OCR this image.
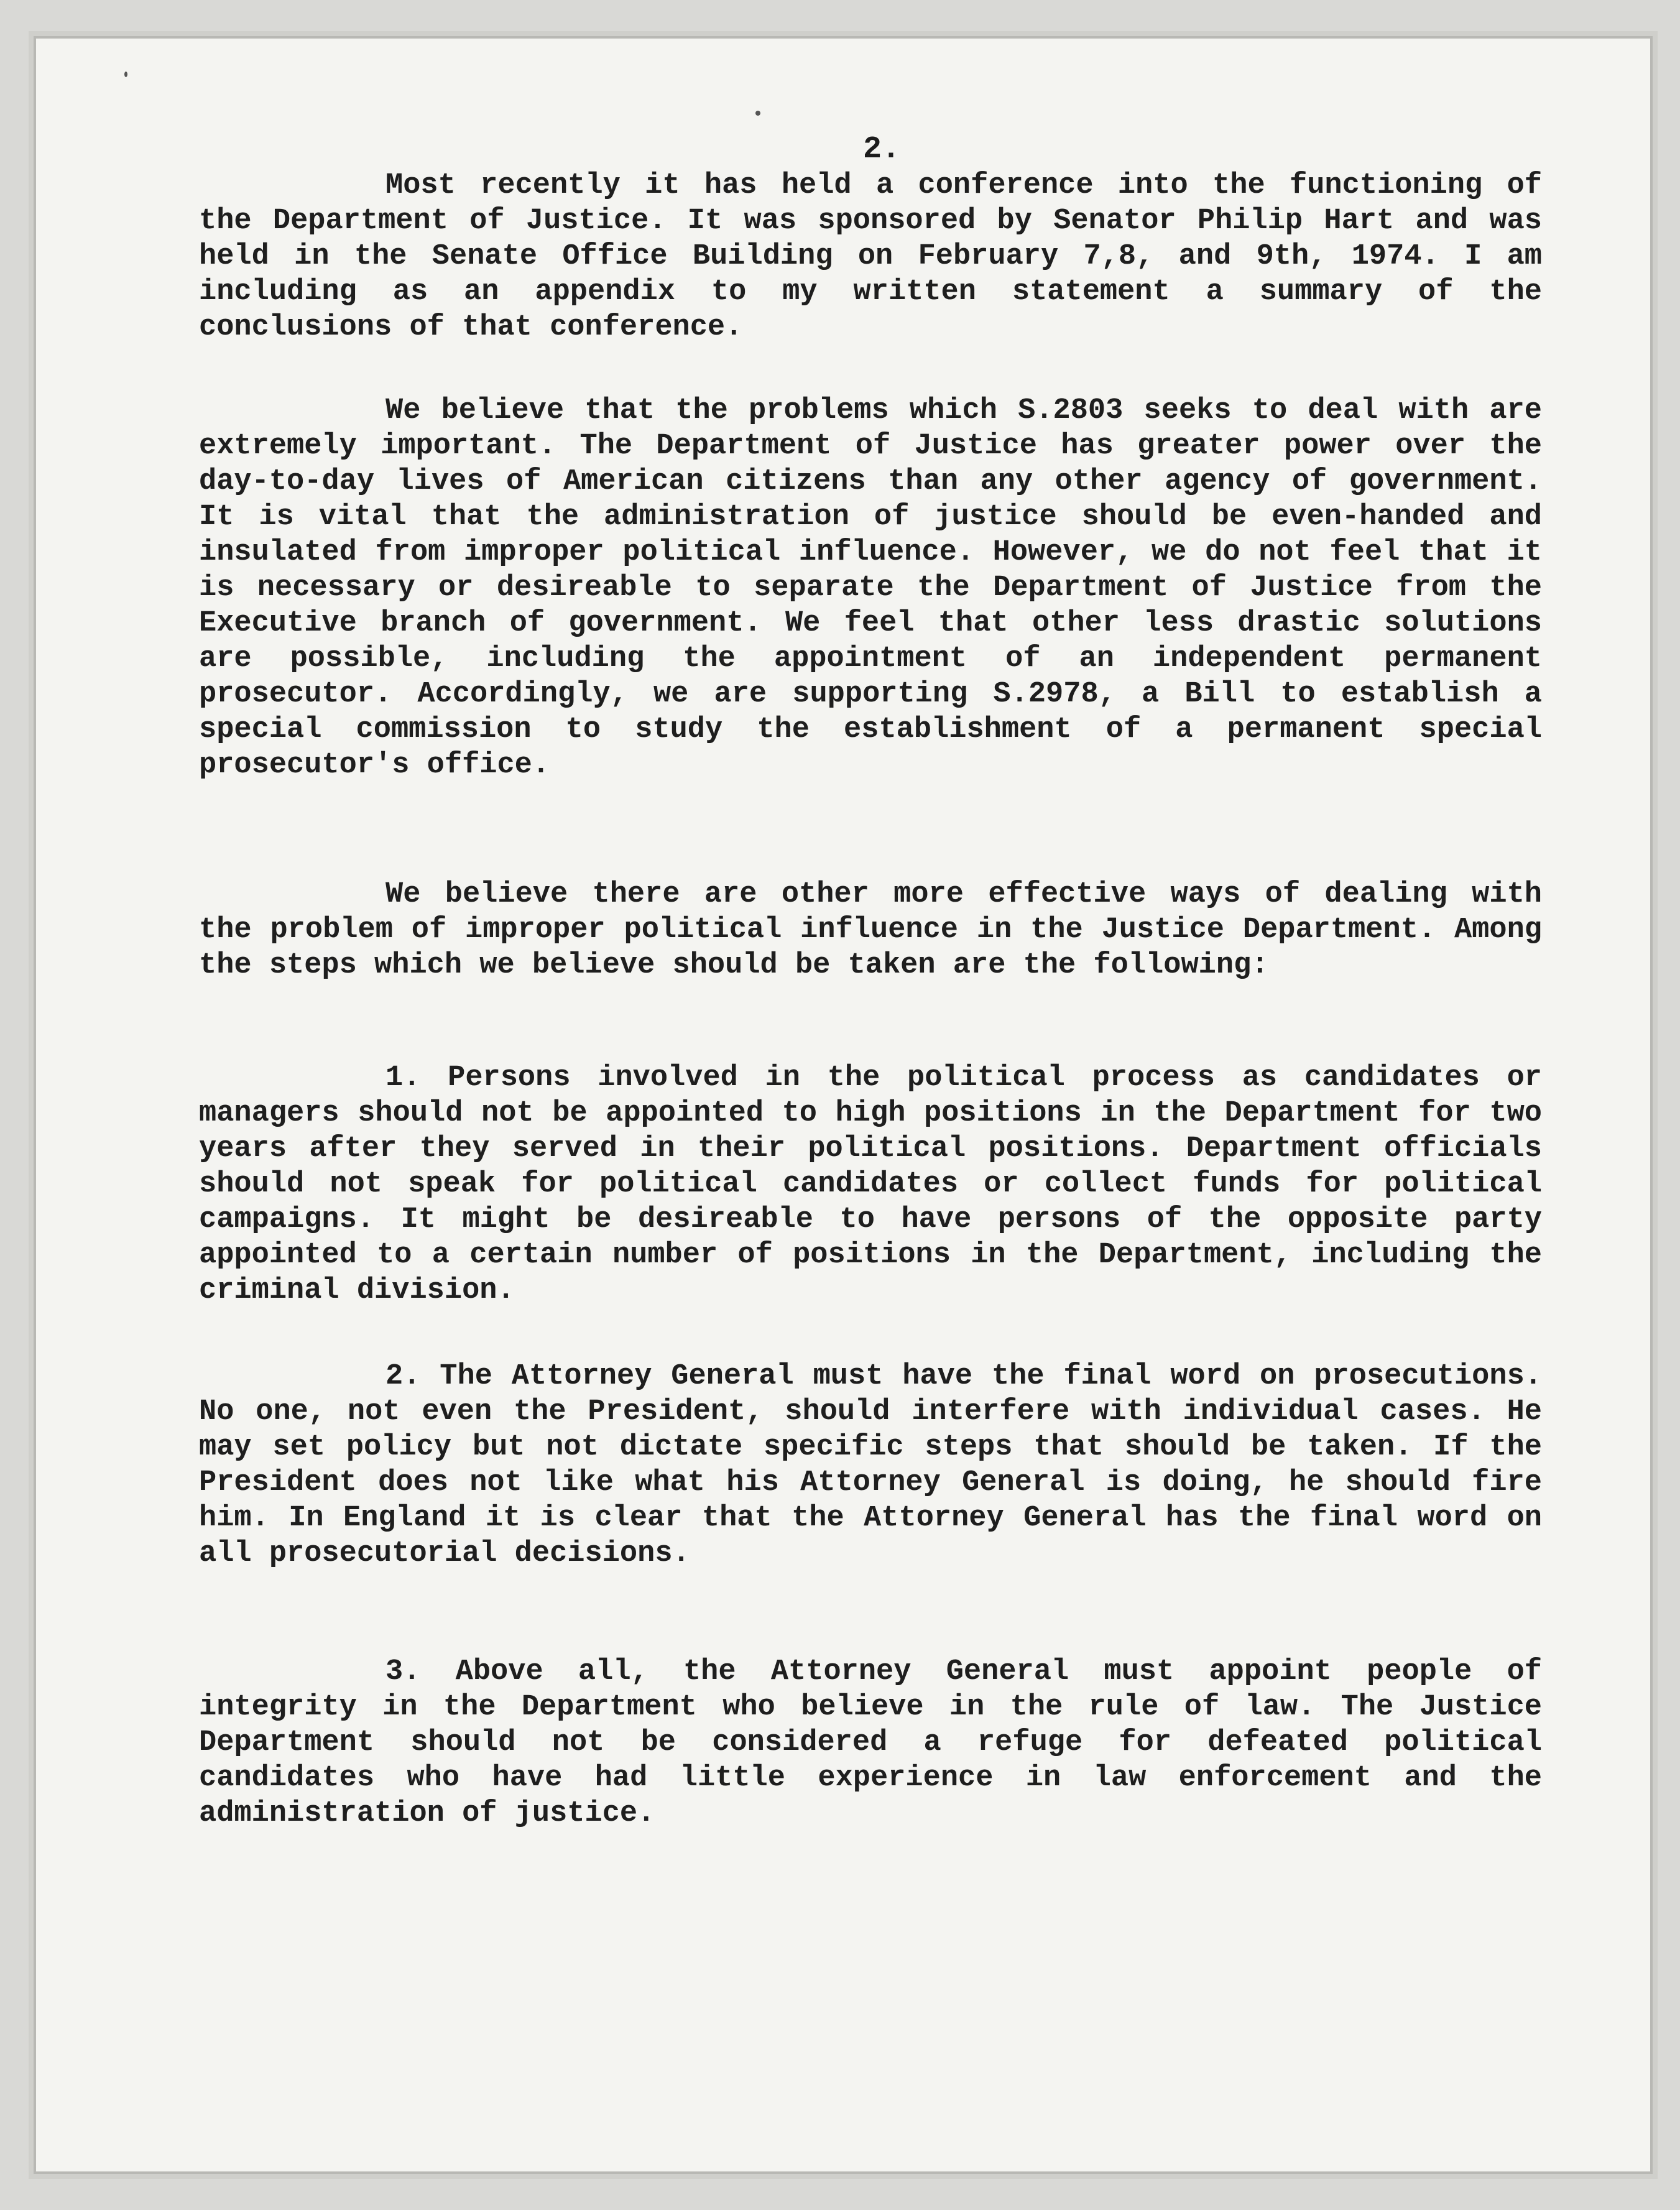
2.

Most recently it has held a conference into the functioning of the Department of Justice. It was sponsored by Senator Philip Hart and was held in the Senate Office Building on February 7,8, and 9th, 1974. I am including as an appendix to my written statement a summary of the conclusions of that conference.

We believe that the problems which S.2803 seeks to deal with are extremely important. The Department of Justice has greater power over the day-to-day lives of American citizens than any other agency of government. It is vital that the administration of justice should be even-handed and insulated from improper political influence. However, we do not feel that it is necessary or desireable to separate the Department of Justice from the Executive branch of government. We feel that other less drastic solutions are possible, including the appointment of an independent permanent prosecutor. Accordingly, we are supporting S.2978, a Bill to establish a special commission to study the establishment of a permanent special prosecutor's office.

We believe there are other more effective ways of dealing with the problem of improper political influence in the Justice Department. Among the steps which we believe should be taken are the following:

1. Persons involved in the political process as candidates or managers should not be appointed to high positions in the Department for two years after they served in their political positions. Department officials should not speak for political candidates or collect funds for political campaigns. It might be desireable to have persons of the opposite party appointed to a certain number of positions in the Department, including the criminal division.

2. The Attorney General must have the final word on prosecutions. No one, not even the President, should interfere with individual cases. He may set policy but not dictate specific steps that should be taken. If the President does not like what his Attorney General is doing, he should fire him. In England it is clear that the Attorney General has the final word on all prosecutorial decisions.

3. Above all, the Attorney General must appoint people of integrity in the Department who believe in the rule of law. The Justice Department should not be considered a refuge for defeated political candidates who have had little experience in law enforcement and the administration of justice.
